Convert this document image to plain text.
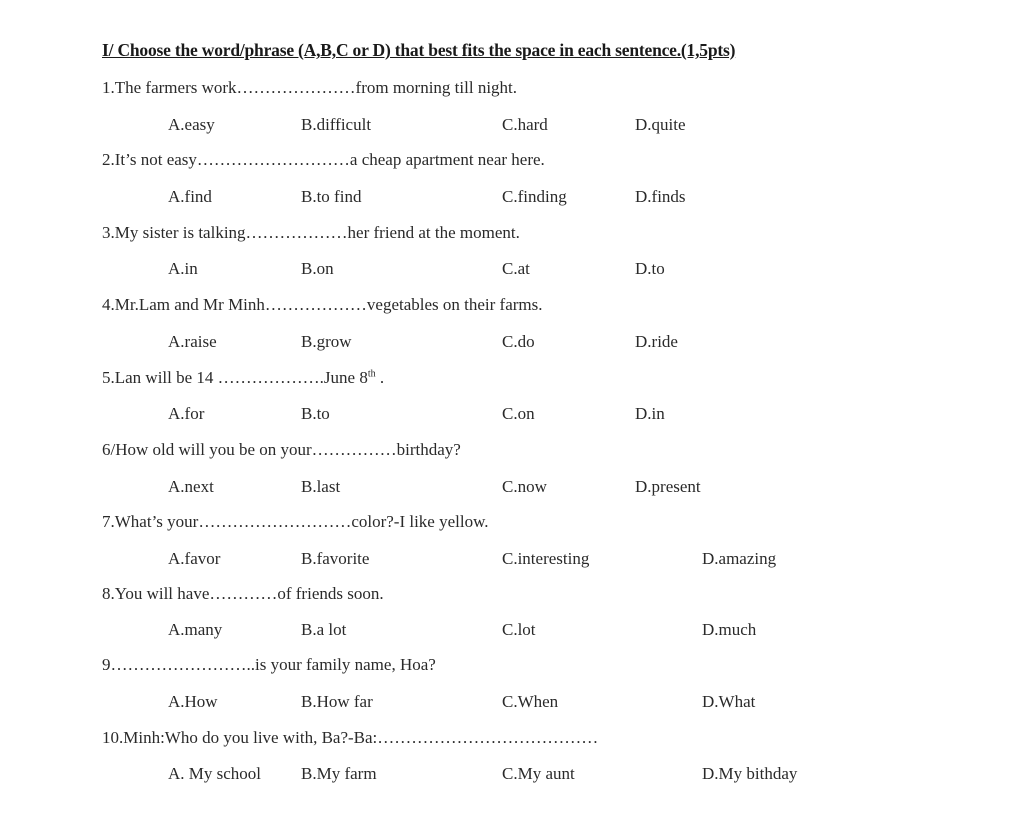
I/ Choose the word/phrase (A,B,C or D) that best fits the space in each sentence.(1,5pts)
1.The farmers work…………………from morning till night.
A.easy	B.difficult	C.hard	D.quite
2.It’s not easy………………………a cheap apartment near here.
A.find	B.to find	C.finding	D.finds
3.My sister is talking………………her friend at the moment.
A.in	B.on	C.at	D.to
4.Mr.Lam and Mr Minh………………vegetables on their farms.
A.raise	B.grow	C.do	D.ride
5.Lan will be 14 ……………….June 8th .
A.for	B.to	C.on	D.in
6/How old will you be on your……………birthday?
A.next	B.last	C.now	D.present
7.What’s your………………………color?-I like yellow.
A.favor	B.favorite	C.interesting	D.amazing
8.You will have…………of friends soon.
A.many	B.a lot	C.lot	D.much
9……………………..is your family name, Hoa?
A.How	B.How far	C.When	D.What
10.Minh:Who do you live with, Ba?-Ba:…………………………………
A. My school B.My farm	C.My aunt	D.My bithday
